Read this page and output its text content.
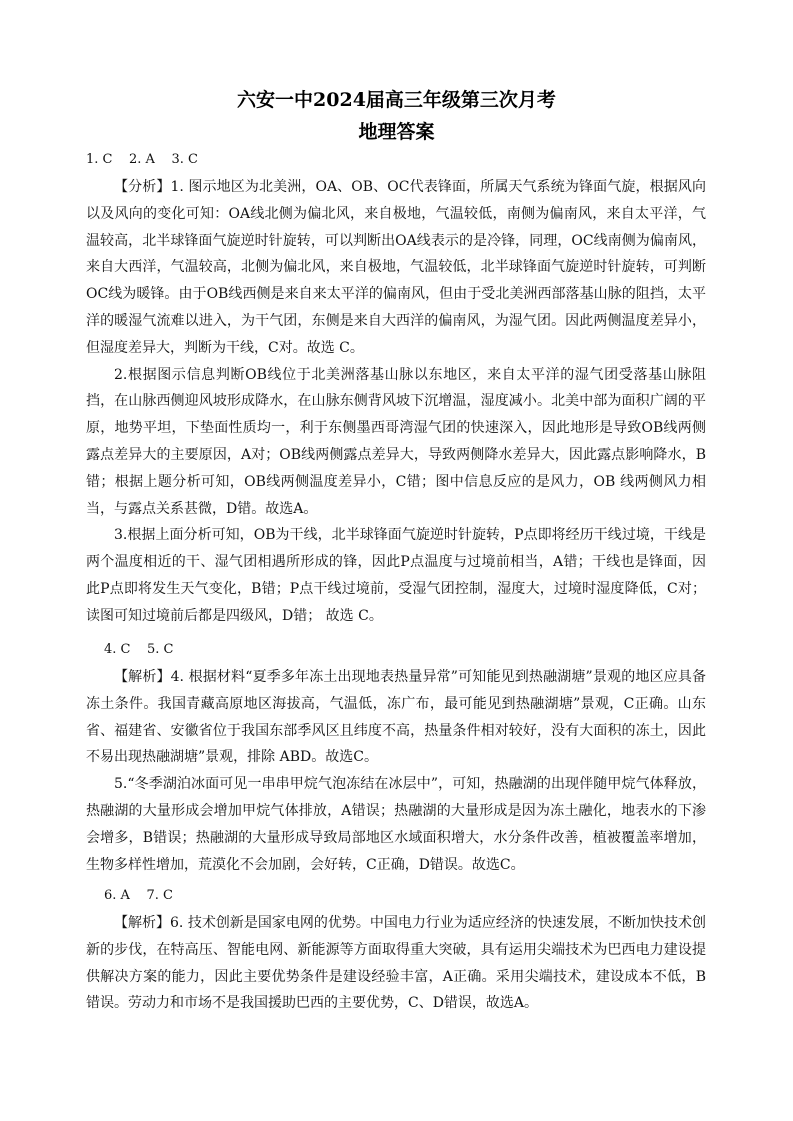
六安一中2024届高三年级第三次月考
地理答案

1. C    2. A    3. C

【分析】1. 图示地区为北美洲，OA、OB、OC代表锋面，所属天气系统为锋面气旋，根据风向以及风向的变化可知：OA线北侧为偏北风，来自极地，气温较低，南侧为偏南风，来自太平洋，气温较高，北半球锋面气旋逆时针旋转，可以判断出OA线表示的是冷锋，同理，OC线南侧为偏南风，来自大西洋，气温较高，北侧为偏北风，来自极地，气温较低，北半球锋面气旋逆时针旋转，可判断OC线为暖锋。由于OB线西侧是来自来太平洋的偏南风，但由于受北美洲西部落基山脉的阻挡，太平洋的暖湿气流难以进入，为干气团，东侧是来自大西洋的偏南风，为湿气团。因此两侧温度差异小，但湿度差异大，判断为干线，C对。故选 C。

2.根据图示信息判断OB线位于北美洲落基山脉以东地区，来自太平洋的湿气团受落基山脉阻挡，在山脉西侧迎风坡形成降水，在山脉东侧背风坡下沉增温，湿度减小。北美中部为面积广阔的平原，地势平坦，下垫面性质均一，利于东侧墨西哥湾湿气团的快速深入，因此地形是导致OB线两侧露点差异大的主要原因，A对；OB线两侧露点差异大，导致两侧降水差异大，因此露点影响降水，B错；根据上题分析可知，OB线两侧温度差异小，C错；图中信息反应的是风力，OB 线两侧风力相当，与露点关系甚微，D错。故选A。

3.根据上面分析可知，OB为干线，北半球锋面气旋逆时针旋转，P点即将经历干线过境，干线是两个温度相近的干、湿气团相遇所形成的锋，因此P点温度与过境前相当，A错；干线也是锋面，因此P点即将发生天气变化，B错；P点干线过境前，受湿气团控制，湿度大，过境时湿度降低，C对；读图可知过境前后都是四级风，D错； 故选 C。

4. C    5. C

【解析】4. 根据材料“夏季多年冻土出现地表热量异常”可知能见到热融湖塘”景观的地区应具备冻土条件。我国青藏高原地区海拔高，气温低，冻广布，最可能见到热融湖塘”景观，C正确。山东省、福建省、安徽省位于我国东部季风区且纬度不高，热量条件相对较好，没有大面积的冻土，因此不易出现热融湖塘”景观，排除 ABD。故选C。

5.“冬季湖泊冰面可见一串串甲烷气泡冻结在冰层中”，可知，热融湖的出现伴随甲烷气体释放，热融湖的大量形成会增加甲烷气体排放，A错误；热融湖的大量形成是因为冻土融化，地表水的下渗会增多，B错误；热融湖的大量形成导致局部地区水域面积增大，水分条件改善，植被覆盖率增加，生物多样性增加，荒漠化不会加剧，会好转，C正确，D错误。故选C。

6. A    7. C

【解析】6. 技术创新是国家电网的优势。中国电力行业为适应经济的快速发展，不断加快技术创新的步伐，在特高压、智能电网、新能源等方面取得重大突破，具有运用尖端技术为巴西电力建设提供解决方案的能力，因此主要优势条件是建设经验丰富，A正确。采用尖端技术，建设成本不低，B错误。劳动力和市场不是我国援助巴西的主要优势，C、D错误，故选A。
